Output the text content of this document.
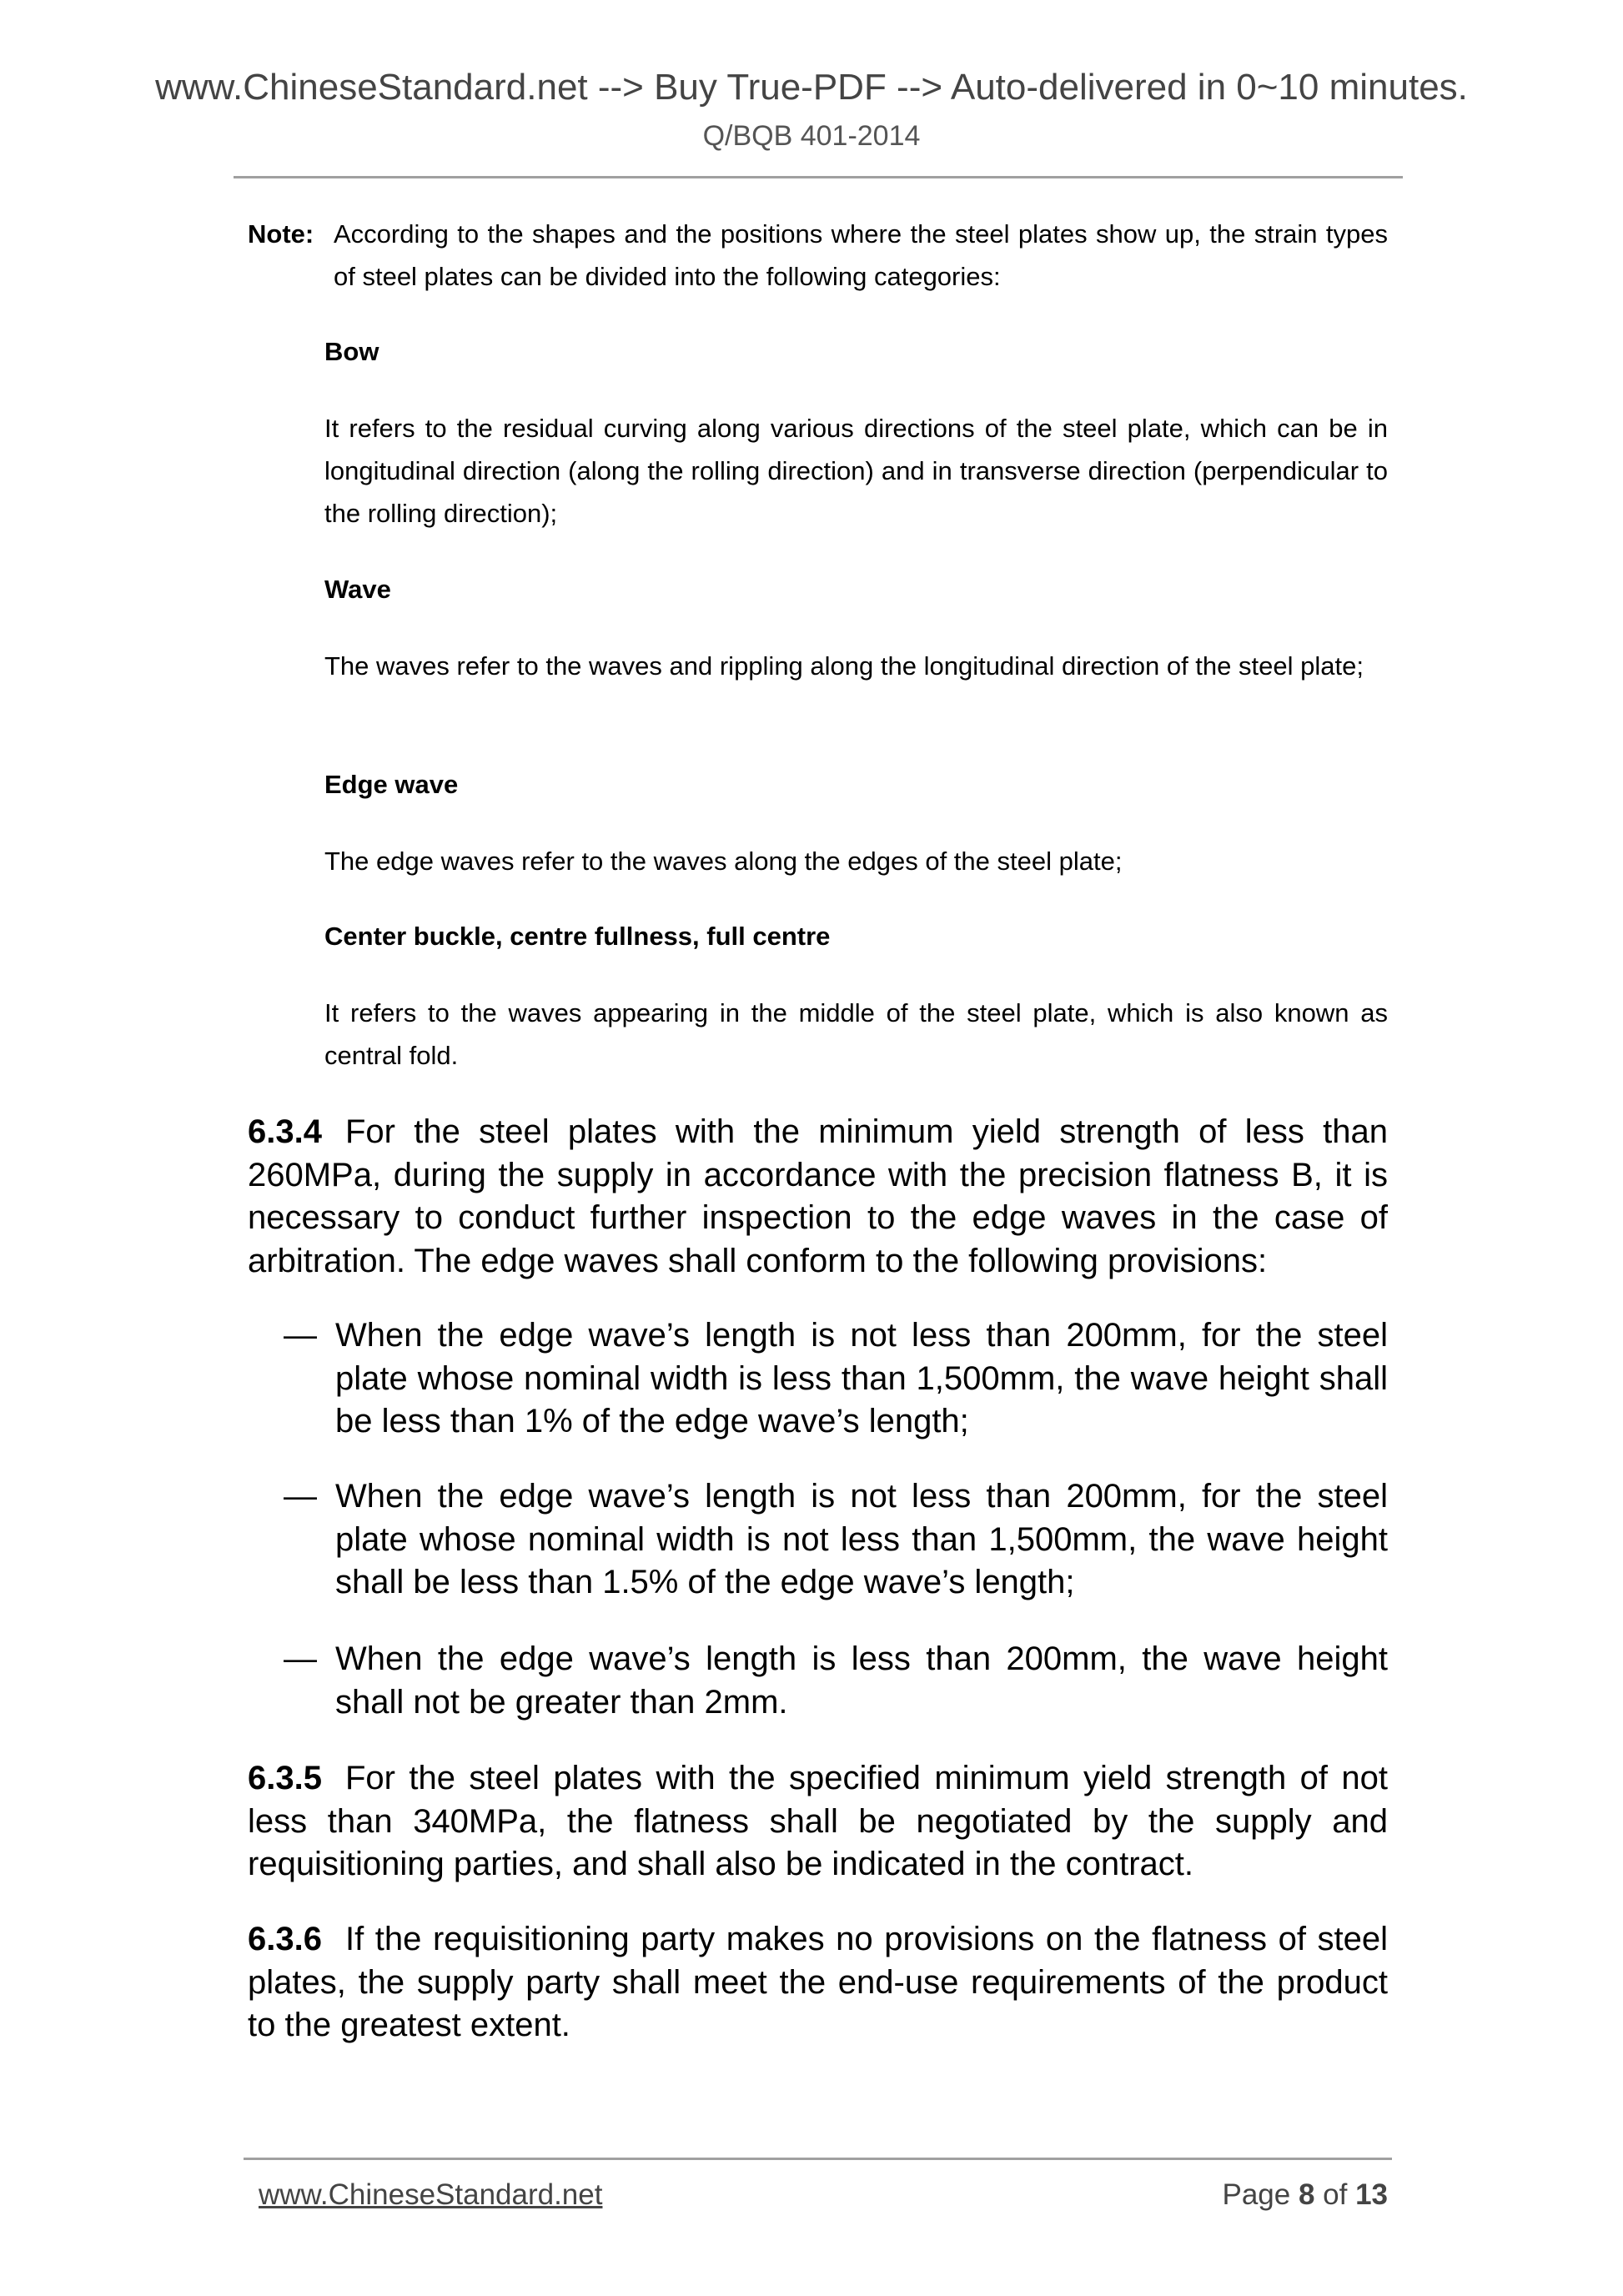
www.ChineseStandard.net --> Buy True-PDF --> Auto-delivered in 0~10 minutes.
Q/BQB 401-2014
Note: According to the shapes and the positions where the steel plates show up, the strain types of steel plates can be divided into the following categories:
Bow
It refers to the residual curving along various directions of the steel plate, which can be in longitudinal direction (along the rolling direction) and in transverse direction (perpendicular to the rolling direction);
Wave
The waves refer to the waves and rippling along the longitudinal direction of the steel plate;
Edge wave
The edge waves refer to the waves along the edges of the steel plate;
Center buckle, centre fullness, full centre
It refers to the waves appearing in the middle of the steel plate, which is also known as central fold.
6.3.4 For the steel plates with the minimum yield strength of less than 260MPa, during the supply in accordance with the precision flatness B, it is necessary to conduct further inspection to the edge waves in the case of arbitration. The edge waves shall conform to the following provisions:
— When the edge wave’s length is not less than 200mm, for the steel plate whose nominal width is less than 1,500mm, the wave height shall be less than 1% of the edge wave’s length;
— When the edge wave’s length is not less than 200mm, for the steel plate whose nominal width is not less than 1,500mm, the wave height shall be less than 1.5% of the edge wave’s length;
— When the edge wave’s length is less than 200mm, the wave height shall not be greater than 2mm.
6.3.5 For the steel plates with the specified minimum yield strength of not less than 340MPa, the flatness shall be negotiated by the supply and requisitioning parties, and shall also be indicated in the contract.
6.3.6 If the requisitioning party makes no provisions on the flatness of steel plates, the supply party shall meet the end-use requirements of the product to the greatest extent.
www.ChineseStandard.net	Page 8 of 13
